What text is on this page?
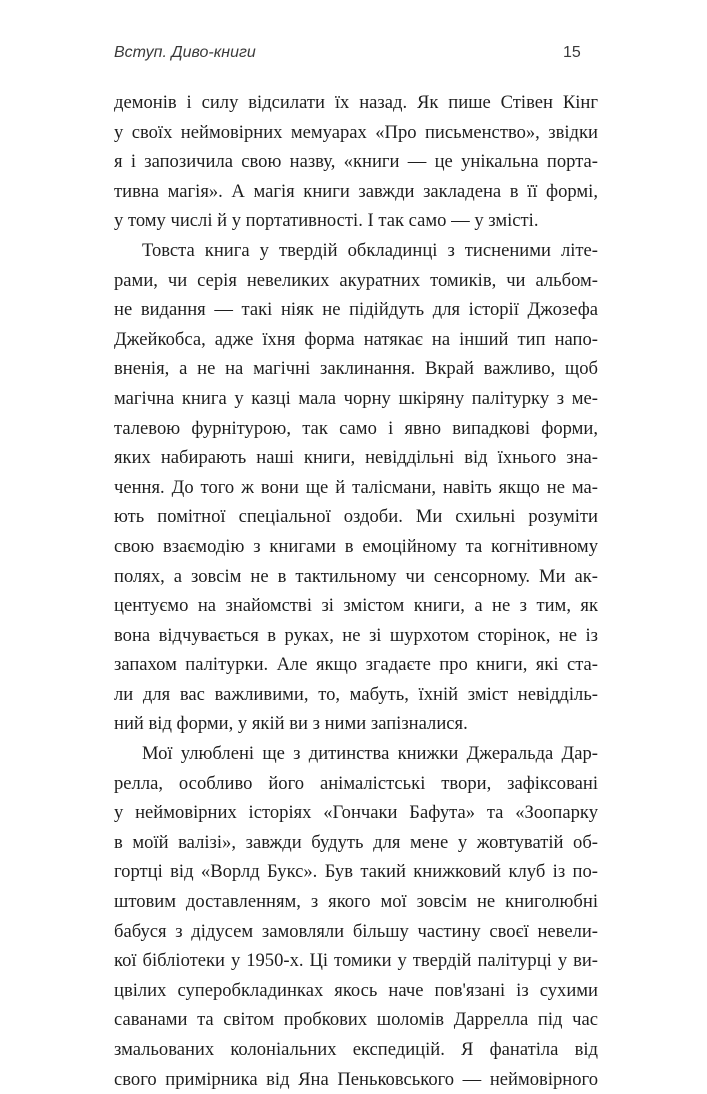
Вступ. Диво-книги	15
демонів і силу відсилати їх назад. Як пише Стівен Кінг
у своїх неймовірних мемуарах «Про письменство», звідки
я і запозичила свою назву, «книги — це унікальна порта-
тивна магія». А магія книги завжди закладена в її формі,
у тому числі й у портативності. І так само — у змісті.
Товста книга у твердій обкладинці з тисненими літе-
рами, чи серія невеликих акуратних томиків, чи альбом-
не видання — такі ніяк не підійдуть для історії Джозефа
Джейкобса, адже їхня форма натякає на інший тип напо-
вненія, а не на магічні заклинання. Вкрай важливо, щоб
магічна книга у казці мала чорну шкіряну палітурку з ме-
талевою фурнітурою, так само і явно випадкові форми,
яких набирають наші книги, невіддільні від їхнього зна-
чення. До того ж вони ще й талісмани, навіть якщо не ма-
ють помітної спеціальної оздоби. Ми схильні розуміти
свою взаємодію з книгами в емоційному та когнітивному
полях, а зовсім не в тактильному чи сенсорному. Ми ак-
центуємо на знайомстві зі змістом книги, а не з тим, як
вона відчувається в руках, не зі шурхотом сторінок, не із
запахом палітурки. Але якщо згадаєте про книги, які ста-
ли для вас важливими, то, мабуть, їхній зміст невідділь-
ний від форми, у якій ви з ними запізналися.
Мої улюблені ще з дитинства книжки Джеральда Дар-
релла, особливо його анімалістські твори, зафіксовані
у неймовірних історіях «Гончаки Бафута» та «Зоопарку
в моїй валізі», завжди будуть для мене у жовтуватій об-
гортці від «Ворлд Букс». Був такий книжковий клуб із по-
штовим доставленням, з якого мої зовсім не книголюбні
бабуся з дідусем замовляли більшу частину своєї невели-
кої бібліотеки у 1950-х. Ці томики у твердій палітурці у ви-
цвілих суперобкладинках якось наче пов'язані із сухими
саванами та світом пробкових шоломів Даррелла під час
змальованих колоніальних експедицій. Я фанатіла від
свого примірника від Яна Пеньковського — неймовірного
